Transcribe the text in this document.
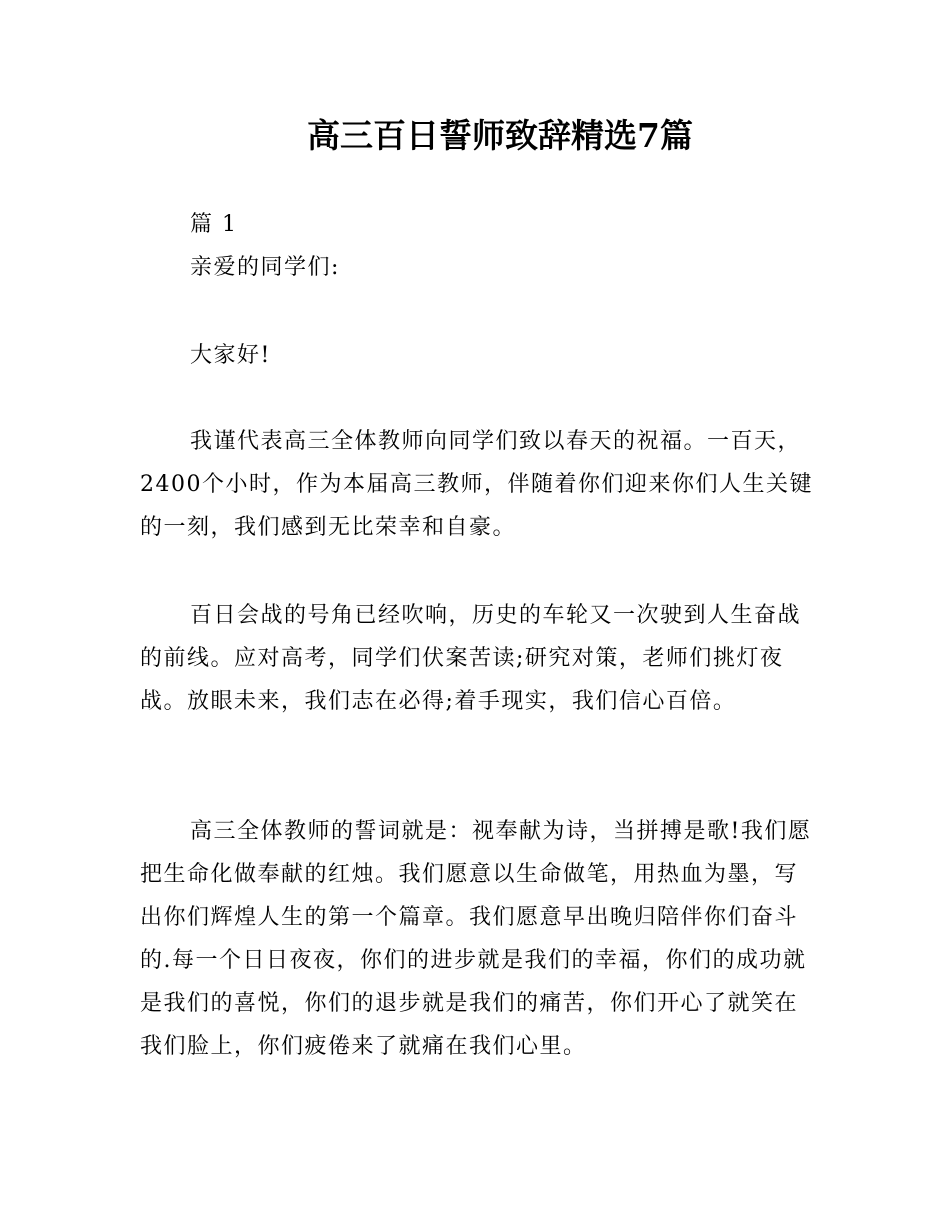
高三百日誓师致辞精选7篇

篇 1

亲爱的同学们:

大家好!

我谨代表高三全体教师向同学们致以春天的祝福。一百天，2400个小时，作为本届高三教师，伴随着你们迎来你们人生关键的一刻，我们感到无比荣幸和自豪。

百日会战的号角已经吹响，历史的车轮又一次驶到人生奋战的前线。应对高考，同学们伏案苦读;研究对策，老师们挑灯夜战。放眼未来，我们志在必得;着手现实，我们信心百倍。

高三全体教师的誓词就是：视奉献为诗，当拼搏是歌!我们愿把生命化做奉献的红烛。我们愿意以生命做笔，用热血为墨，写出你们辉煌人生的第一个篇章。我们愿意早出晚归陪伴你们奋斗的.每一个日日夜夜，你们的进步就是我们的幸福，你们的成功就是我们的喜悦，你们的退步就是我们的痛苦，你们开心了就笑在我们脸上，你们疲倦来了就痛在我们心里。
